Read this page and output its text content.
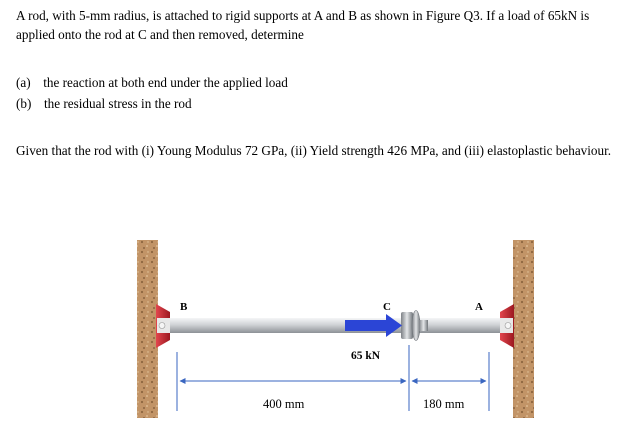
A rod, with 5-mm radius, is attached to rigid supports at A and B as shown in Figure Q3. If a load of 65kN is applied onto the rod at C and then removed, determine

(a) the reaction at both end under the applied load
(b) the residual stress in the rod

Given that the rod with (i) Young Modulus 72 GPa, (ii) Yield strength 426 MPa, and (iii) elastoplastic behaviour.

B	C	A
65 kN
400 mm	180 mm
